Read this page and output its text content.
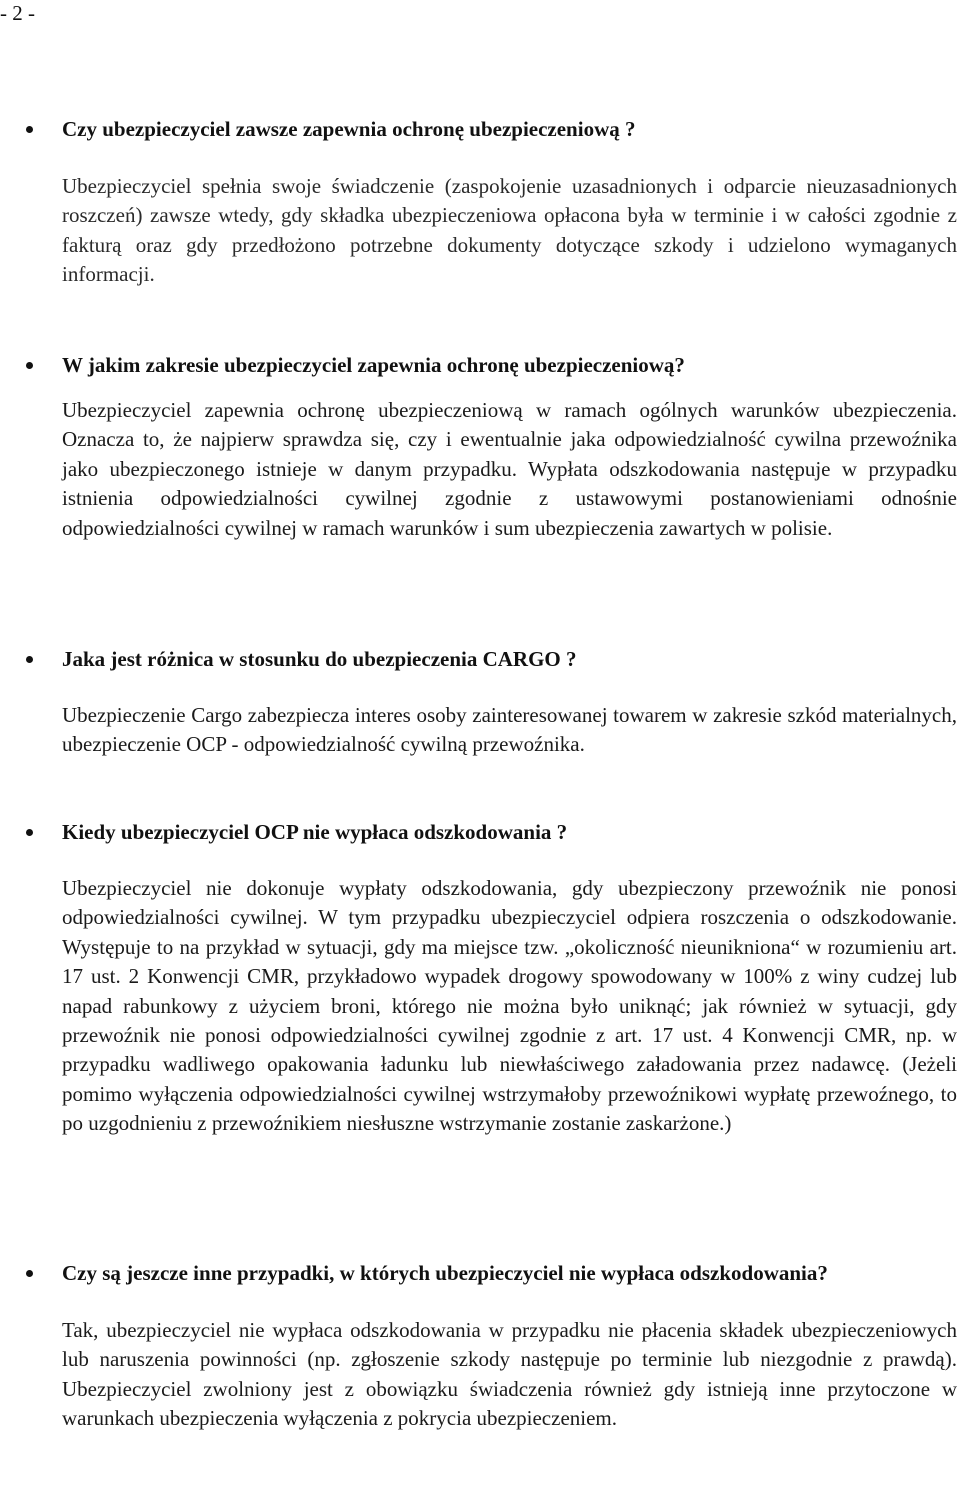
- 2 -

Czy ubezpieczyciel zawsze zapewnia ochronę ubezpieczeniową ?

Ubezpieczyciel spełnia swoje świadczenie (zaspokojenie uzasadnionych i odparcie nieuzasadnionych roszczeń) zawsze wtedy, gdy składka ubezpieczeniowa opłacona była w terminie i w całości zgodnie z fakturą oraz gdy przedłożono potrzebne dokumenty dotyczące szkody i udzielono wymaganych informacji.

W jakim zakresie ubezpieczyciel zapewnia ochronę ubezpieczeniową?

Ubezpieczyciel zapewnia ochronę ubezpieczeniową w ramach ogólnych warunków ubezpieczenia. Oznacza to, że najpierw sprawdza się, czy i ewentualnie jaka odpowiedzialność cywilna przewoźnika jako ubezpieczonego istnieje w danym przypadku. Wypłata odszkodowania następuje w przypadku istnienia odpowiedzialności cywilnej zgodnie z ustawowymi postanowieniami odnośnie odpowiedzialności cywilnej w ramach warunków i sum ubezpieczenia zawartych w polisie.

Jaka jest różnica w stosunku do ubezpieczenia CARGO ?

Ubezpieczenie Cargo zabezpiecza interes osoby zainteresowanej towarem w zakresie szkód materialnych, ubezpieczenie OCP - odpowiedzialność cywilną przewoźnika.

Kiedy ubezpieczyciel OCP nie wypłaca odszkodowania ?

Ubezpieczyciel nie dokonuje wypłaty odszkodowania, gdy ubezpieczony przewoźnik nie ponosi odpowiedzialności cywilnej. W tym przypadku ubezpieczyciel odpiera roszczenia o odszkodowanie. Występuje to na przykład w sytuacji, gdy ma miejsce tzw. „okoliczność nieunikniona“ w rozumieniu art. 17 ust. 2 Konwencji CMR, przykładowo wypadek drogowy spowodowany w 100% z winy cudzej lub napad rabunkowy z użyciem broni, którego nie można było uniknąć; jak również w sytuacji, gdy przewoźnik nie ponosi odpowiedzialności cywilnej zgodnie z art. 17 ust. 4 Konwencji CMR, np. w przypadku wadliwego opakowania ładunku lub niewłaściwego załadowania przez nadawcę. (Jeżeli pomimo wyłączenia odpowiedzialności cywilnej wstrzymałoby przewoźnikowi wypłatę przewoźnego, to po uzgodnieniu z przewoźnikiem niesłuszne wstrzymanie zostanie zaskarżone.)

Czy są jeszcze inne przypadki, w których ubezpieczyciel nie wypłaca odszkodowania?

Tak, ubezpieczyciel nie wypłaca odszkodowania w przypadku nie płacenia składek ubezpieczeniowych lub naruszenia powinności (np. zgłoszenie szkody następuje po terminie lub niezgodnie z prawdą). Ubezpieczyciel zwolniony jest z obowiązku świadczenia również gdy istnieją inne przytoczone w warunkach ubezpieczenia wyłączenia z pokrycia ubezpieczeniem.
